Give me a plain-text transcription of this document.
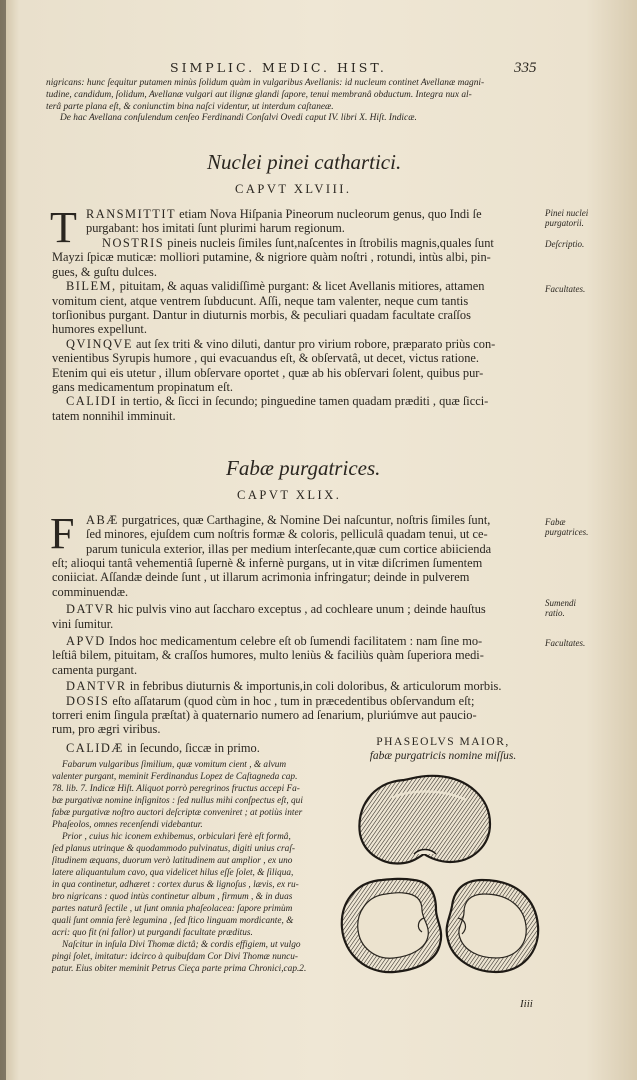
SIMPLIC. MEDIC. HIST.	335
nigricans: hunc ſequitur putamen minùs ſolidum quàm in vulgaribus Avellanis: id nucleum continet Avellanæ magni-
tudine, candidum, ſolidum, Avellanæ vulgari aut ilignæ glandi ſapore, tenui membranâ obductum. Integra nux al-
terâ parte plana eſt, & coniunctim bina naſci videntur, ut interdum caſtaneæ.
De hac Avellana conſulendum cenſeo Ferdinandi Conſalvi Ovedi caput IV. libri X. Hiſt. Indicæ.
Nuclei pinei cathartici.
CAPVT XLVIII.
T RANSMITTIT etiam Nova Hiſpania Pineorum nucleorum genus, quo Indi ſe
purgabant: hos imitati ſunt plurimi harum regionum.
NOSTRIS pineis nucleis ſimiles ſunt,naſcentes in ſtrobilis magnis,quales ſunt
Mayzi ſpicæ muticæ: molliori putamine, & nigriore quàm noſtri , rotundi, intùs albi, pin-
gues, & guſtu dulces.
BILEM, pituitam, & aquas validiſſimè purgant: & licet Avellanis mitiores, attamen
vomitum cient, atque ventrem ſubducunt. Aſſi, neque tam valenter, neque cum tantis
torſionibus purgant. Dantur in diuturnis morbis, & peculiari quadam facultate craſſos
humores expellunt.
QVINQVE aut ſex triti & vino diluti, dantur pro virium robore, præparato priùs con-
venientibus Syrupis humore , qui evacuandus eſt, & obſervatâ, ut decet, victus ratione.
Etenim qui eis utetur , illum obſervare oportet , quæ ab his obſervari ſolent, quibus pur-
gans medicamentum propinatum eſt.
CALIDI in tertio, & ſicci in ſecundo; pinguedine tamen quadam præditi , quæ ſicci-
tatem nonnihil imminuit.
Pinei nuclei purgatorii.
Deſcriptio.
Facultates.
Fabæ purgatrices.
CAPVT XLIX.
F ABÆ purgatrices, quæ Carthagine, & Nomine Dei naſcuntur, noſtris ſimiles ſunt,
ſed minores, ejuſdem cum noſtris formæ & coloris, pelliculâ quadam tenui, ut ce-
parum tunicula exterior, illas per medium interſecante,quæ cum cortice abiicienda
eſt; alioqui tantâ vehementiâ ſupernè & infernè purgans, ut in vitæ diſcrimen ſumentem
coniiciat. Aſſandæ deinde ſunt , ut illarum acrimonia infringatur; deinde in pulverem
comminuendæ.
DATVR hic pulvis vino aut ſaccharo exceptus , ad cochleare unum ; deinde hauſtus
vini ſumitur.
APVD Indos hoc medicamentum celebre eſt ob ſumendi facilitatem : nam ſine mo-
leſtiâ bilem, pituitam, & craſſos humores, multo leniùs & faciliùs quàm ſuperiora medi-
camenta purgant.
DANTVR in febribus diuturnis & importunis,in coli doloribus, & articulorum morbis.
DOSIS eſto aſſatarum (quod cùm in hoc , tum in præcedentibus obſervandum eſt;
torreri enim ſingula præſtat) à quaternario numero ad ſenarium, pluriúmve aut paucio-
rum, pro ægri viribus.
CALIDÆ in ſecundo, ſiccæ in primo.
Fabæ purgatrices.
Sumendi ratio.
Facultates.
Fabarum vulgaribus ſimilium, quæ vomitum cient , & alvum
valenter purgant, meminit Ferdinandus Lopez de Caſtagneda cap.
78. lib. 7. Indicæ Hiſt. Aliquot porrò peregrinos fructus accepi Fa-
bæ purgativæ nomine inſignitos : ſed nullus mihi conſpectus eſt, qui
fabæ purgativæ noſtro auctori deſcriptæ conveniret ; at potiùs inter
Phaſeolos, omnes recenſendi videbantur.
Prior , cuius hic iconem exhibemus, orbiculari ferè eſt formâ,
ſed planus utrinque & quodammodo pulvinatus, digiti unius craſ-
ſitudinem æquans, duorum verò latitudinem aut amplior , ex uno
latere aliquantulum cavo, qua videlicet hilus eſſe ſolet, & ſiliqua,
in qua continetur, adhæret : cortex durus & lignoſus , lævis, ex ru-
bro nigricans : quod intùs continetur album , firmum , & in duas
partes naturâ ſectile , ut ſunt omnia phaſeolacea: ſapore primùm
quali ſunt omnia ferè legumina , ſed ſtico linguam mordicante, &
acri: quo fit (ni fallor) ut purgandi facultate præditus.
Naſcitur in inſula Divi Thomæ dictâ; & cordis effigiem, ut vulgo
pingi ſolet, imitatur: idcirco à quibuſdam Cor Divi Thomæ nuncu-
patur. Eius obiter meminit Petrus Cieça parte prima Chronici,cap.2.
PHASEOLVS MAIOR,
fabæ purgatricis nomine miſſus.
Iiii
